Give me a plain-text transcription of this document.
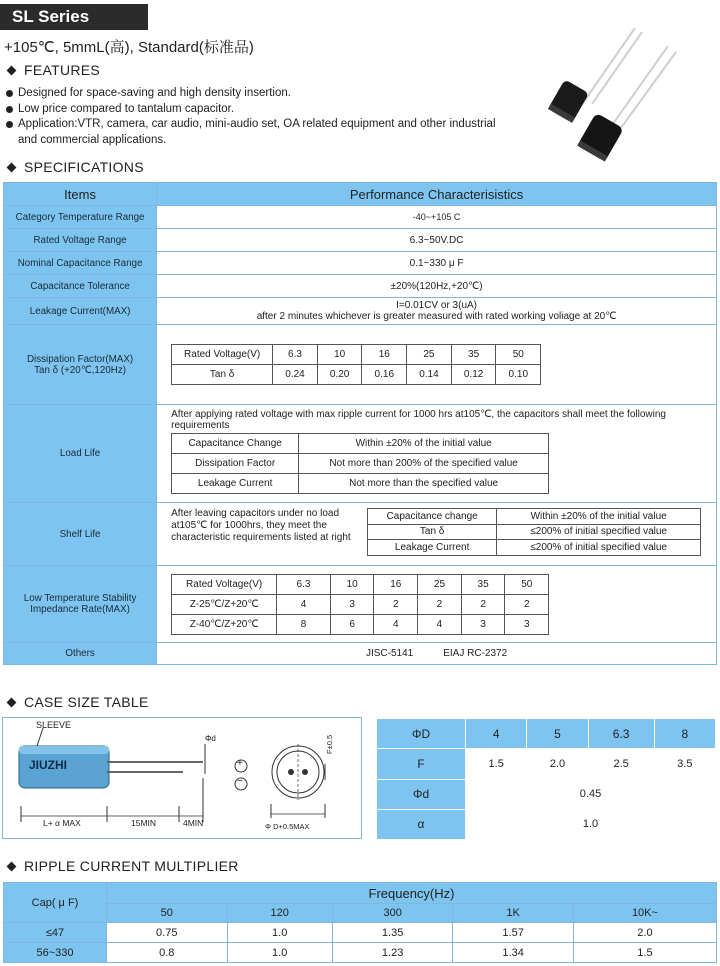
SL Series
+105℃, 5mmL(高), Standard(标准品)
FEATURES
Designed for space-saving and high density insertion.
Low price compared to tantalum capacitor.
Application:VTR, camera, car audio, mini-audio set, OA related equipment and other industrial and commercial applications.
SPECIFICATIONS
Items	Performance Characterisistics
Category Temperature Range	-40~+105 C
Rated Voltage Range	6.3~50V.DC
Nominal Capacitance Range	0.1~330 μ F
Capacitance Tolerance	±20%(120Hz,+20℃)
Leakage Current(MAX)	I=0.01CV or 3(uA)
after 2 minutes whichever is greater measured with rated working voliage at 20℃

Dissipation Factor(MAX)
Tan δ (+20℃,120Hz)

Rated Voltage(V)	6.3	10	16	25	35	50
Tan δ	0.24	0.20	0.16	0.14	0.12	0.10

Load Life	
After applying rated voltage with max ripple current for 1000 hrs at105℃, the capacitors shall meet the following requirements
Capacitance Change	Within ±20% of the initial value
Dissipation Factor	Not more than 200% of the specified value
Leakage Current	Not more than the specified value

Shelf Life	
After leaving capacitors under no load at105℃ for 1000hrs, they meet the characteristic requirements listed at right
Capacitance change	Within ±20% of the initial value
Tan δ	≤200% of initial specified value
Leakage Current	≤200% of initial specified value

Low Temperature Stability
Impedance Rate(MAX)

Rated Voltage(V)	6.3	10	16	25	35	50
Z-25℃/Z+20℃	4	3	2	2	2	2
Z-40℃/Z+20℃	8	6	4	4	3	3

Others	JISC-5141	EIAJ RC-2372
CASE SIZE TABLE
SLEEVE
JIUZHI
Φd
+
−
L+ α MAX	15MIN	4MIN
F±0.5
Φ D+0.5MAX
ΦD	4	5	6.3	8
F	1.5	2.0	2.5	3.5
Φd	0.45			
α	1.0			
RIPPLE CURRENT MULTIPLIER
Cap( μ F)	Frequency(Hz)				
	50	120	300	1K	10K~
≤47	0.75	1.0	1.35	1.57	2.0
56~330	0.8	1.0	1.23	1.34	1.5
